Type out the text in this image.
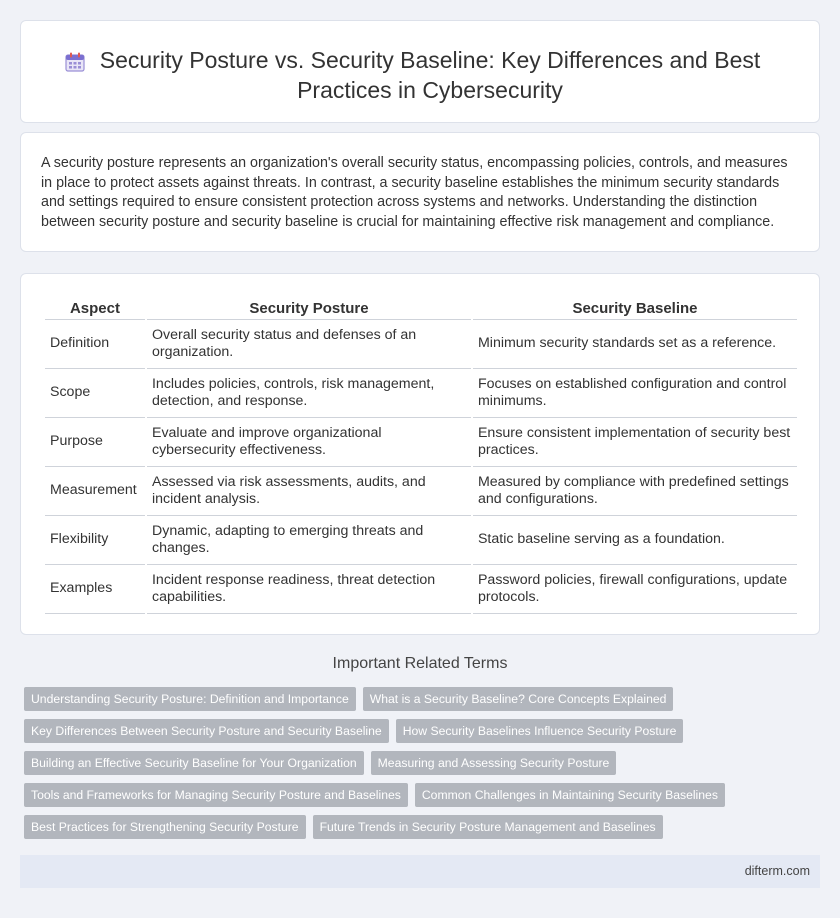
Security Posture vs. Security Baseline: Key Differences and Best
Practices in Cybersecurity

A security posture represents an organization's overall security status, encompassing policies, controls, and measures in place to protect assets against threats. In contrast, a security baseline establishes the minimum security standards and settings required to ensure consistent protection across systems and networks. Understanding the distinction between security posture and security baseline is crucial for maintaining effective risk management and compliance.

Aspect	Security Posture	Security Baseline
Definition	Overall security status and defenses of an organization.	Minimum security standards set as a reference.
Scope	Includes policies, controls, risk management, detection, and response.	Focuses on established configuration and control minimums.
Purpose	Evaluate and improve organizational cybersecurity effectiveness.	Ensure consistent implementation of security best practices.
Measurement	Assessed via risk assessments, audits, and incident analysis.	Measured by compliance with predefined settings and configurations.
Flexibility	Dynamic, adapting to emerging threats and changes.	Static baseline serving as a foundation.
Examples	Incident response readiness, threat detection capabilities.	Password policies, firewall configurations, update protocols.
Important Related Terms
Understanding Security Posture: Definition and Importance	What is a Security Baseline? Core Concepts Explained
Key Differences Between Security Posture and Security Baseline	How Security Baselines Influence Security Posture
Building an Effective Security Baseline for Your Organization	Measuring and Assessing Security Posture
Tools and Frameworks for Managing Security Posture and Baselines	Common Challenges in Maintaining Security Baselines
Best Practices for Strengthening Security Posture	Future Trends in Security Posture Management and Baselines
difterm.com
